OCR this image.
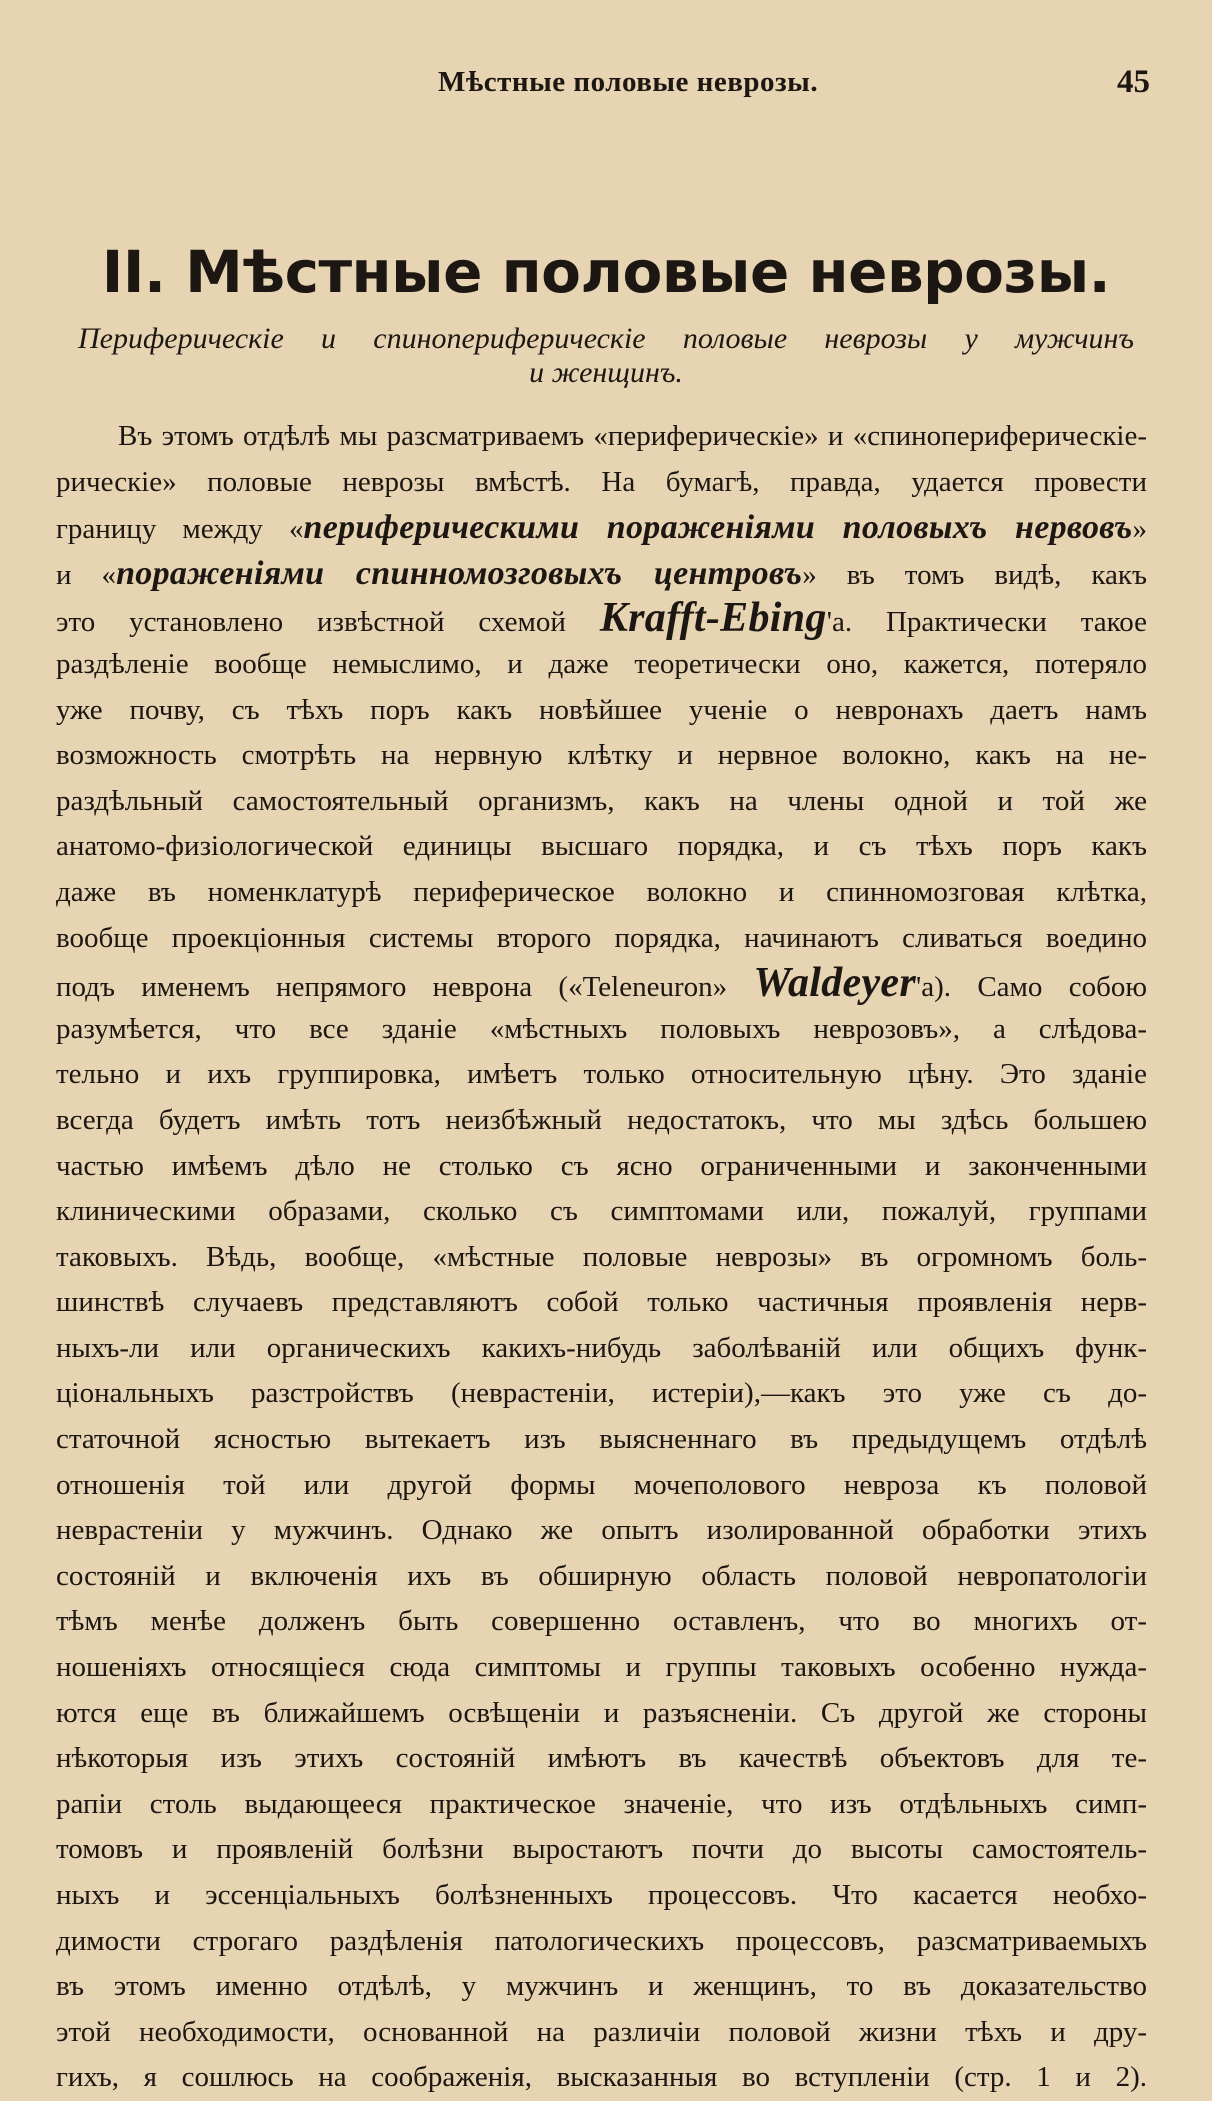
Мѣстные половые неврозы.	45
II. Мѣстные половые неврозы.
Периферическіе и спинопериферическіе половые неврозы у мужчинъ
и женщинъ.
Въ этомъ отдѣлѣ мы разсматриваемъ «периферическіе» и «спинопериферическіе-
рическіе» половые неврозы вмѣстѣ. На бумагѣ, правда, удается провести
границу между «периферическими пораженіями половыхъ нервовъ»
и «пораженіями спинномозговыхъ центровъ» въ томъ видѣ, какъ
это установлено извѣстной схемой Krafft-Ebing'а. Практически такое
раздѣленіе вообще немыслимо, и даже теоретически оно, кажется, потеряло
уже почву, съ тѣхъ поръ какъ новѣйшее ученіе о невронахъ даетъ намъ
возможность смотрѣть на нервную клѣтку и нервное волокно, какъ на не-
раздѣльный самостоятельный организмъ, какъ на члены одной и той же
анатомо-физіологической единицы высшаго порядка, и съ тѣхъ поръ какъ
даже въ номенклатурѣ периферическое волокно и спинномозговая клѣтка,
вообще проекціонныя системы второго порядка, начинаютъ сливаться воедино
подъ именемъ непрямого неврона («Teleneuron» Waldeyer'а). Само собою
разумѣется, что все зданіе «мѣстныхъ половыхъ неврозовъ», а слѣдова-
тельно и ихъ группировка, имѣетъ только относительную цѣну. Это зданіе
всегда будетъ имѣть тотъ неизбѣжный недостатокъ, что мы здѣсь большею
частью имѣемъ дѣло не столько съ ясно ограниченными и законченными
клиническими образами, сколько съ симптомами или, пожалуй, группами
таковыхъ. Вѣдь, вообще, «мѣстные половые неврозы» въ огромномъ боль-
шинствѣ случаевъ представляютъ собой только частичныя проявленія нерв-
ныхъ-ли или органическихъ какихъ-нибудь заболѣваній или общихъ функ-
ціональныхъ разстройствъ (неврастеніи, истеріи),—какъ это уже съ до-
статочной ясностью вытекаетъ изъ выясненнаго въ предыдущемъ отдѣлѣ
отношенія той или другой формы мочеполового невроза къ половой
неврастеніи у мужчинъ. Однако же опытъ изолированной обработки этихъ
состояній и включенія ихъ въ обширную область половой невропатологіи
тѣмъ менѣе долженъ быть совершенно оставленъ, что во многихъ от-
ношеніяхъ относящіеся сюда симптомы и группы таковыхъ особенно нужда-
ются еще въ ближайшемъ освѣщеніи и разъясненіи. Съ другой же стороны
нѣкоторыя изъ этихъ состояній имѣютъ въ качествѣ объектовъ для те-
рапіи столь выдающееся практическое значеніе, что изъ отдѣльныхъ симп-
томовъ и проявленій болѣзни выростаютъ почти до высоты самостоятель-
ныхъ и эссенціальныхъ болѣзненныхъ процессовъ. Что касается необхо-
димости строгаго раздѣленія патологическихъ процессовъ, разсматриваемыхъ
въ этомъ именно отдѣлѣ, у мужчинъ и женщинъ, то въ доказательство
этой необходимости, основанной на различіи половой жизни тѣхъ и дру-
гихъ, я сошлюсь на соображенія, высказанныя во вступленіи (стр. 1 и 2).
